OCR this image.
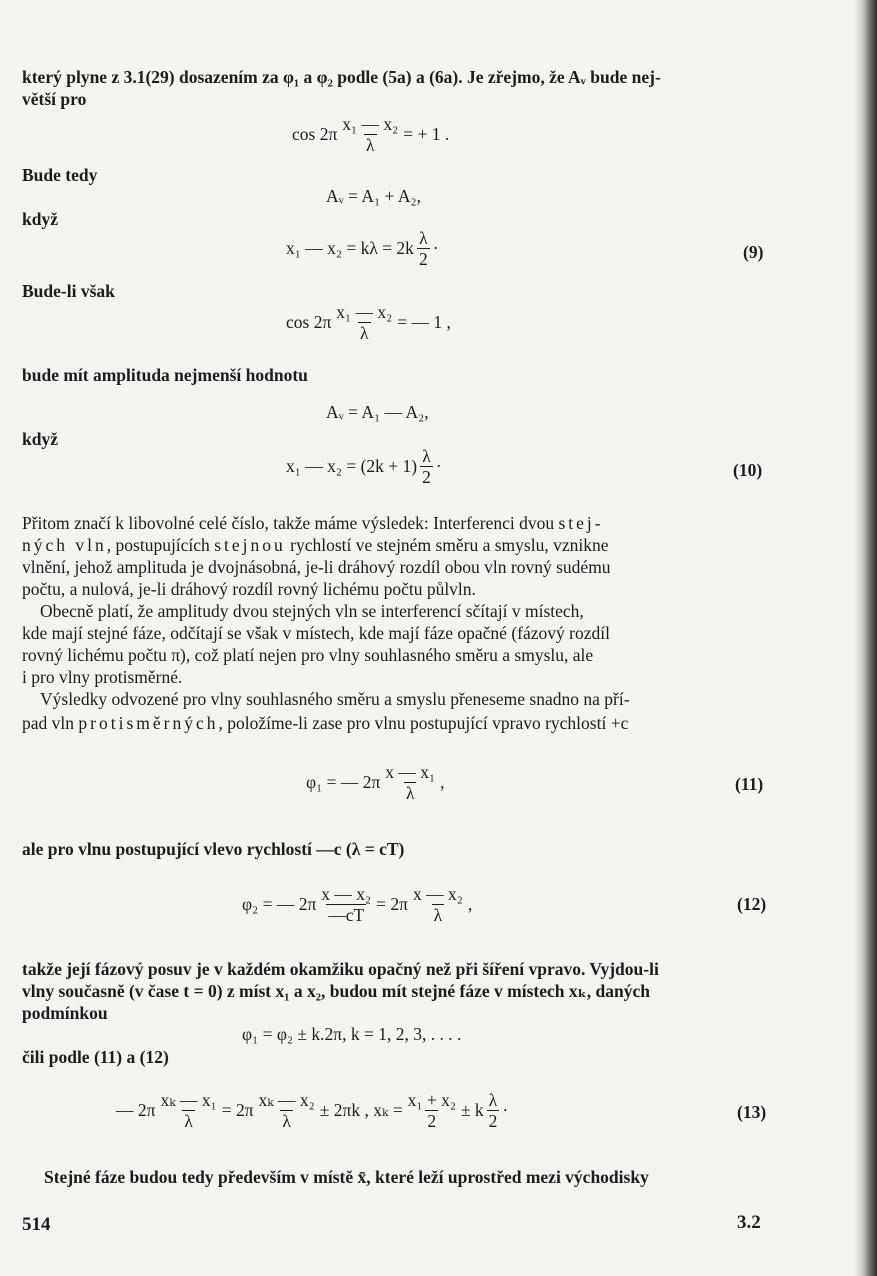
který plyne z 3.1(29) dosazením za φ₁ a φ₂ podle (5a) a (6a). Je zřejmo, že Aᵥ bude nej-
větší pro
$\cos 2\pi \frac{\text{x₁ — x₂}}{\lambda}$ = + 1 .
Bude tedy
Aᵥ = A₁ + A₂,
když
x₁ — $x_2 = k\lambda = 2k \frac{\lambda}{2}$ ·	(9)
Bude-li však
$\cos 2\pi \frac{\text{x₁ — x₂}}{\lambda}$ = — 1 ,
bude mít amplituda nejmenší hodnotu
Aᵥ = A₁ — A₂,
když
x₁ — $x_2 = (2k + 1) \frac{\lambda}{2}$ ·	(10)
Přitom značí k libovolné celé číslo, takže máme výsledek: Interferenci dvou stej-
ných vln, postupujících stejnou rychlostí ve stejném směru a smyslu, vznikne
vlnění, jehož amplituda je dvojnásobná, je-li dráhový rozdíl obou vln rovný sudému
počtu, a nulová, je-li dráhový rozdíl rovný lichému počtu půlvln.
Obecně platí, že amplitudy dvou stejných vln se interferencí sčítají v místech,
kde mají stejné fáze, odčítají se však v místech, kde mají fáze opačné (fázový rozdíl
rovný lichému počtu π), což platí nejen pro vlny souhlasného směru a smyslu, ale
i pro vlny protisměrné.
Výsledky odvozené pro vlny souhlasného směru a smyslu přeneseme snadno na pří-
pad vln protisměrných, položíme-li zase pro vlnu postupující vpravo rychlostí +c
φ₁ = — $2\pi \frac{\text{x — x₁}}{\lambda}$ ,	(11)
ale pro vlnu postupující vlevo rychlostí —c (λ = cT)
φ₂ = — $2\pi \frac{\text{x — x₂}}{—cT} = 2\pi \frac{\text{x — x₂}}{\lambda}$ ,	(12)
takže její fázový posuv je v každém okamžiku opačný než při šíření vpravo. Vyjdou-li
vlny současně (v čase t = 0) z míst x₁ a x₂, budou mít stejné fáze v místech xₖ, daných
podmínkou
φ₁ = φ₂ ± k.2π, k = 1, 2, 3, . . . .
čili podle (11) a (12)
— $2\pi \frac{\text{xₖ — x₁}}{\lambda} = 2\pi \frac{\text{xₖ — x₂}}{\lambda} \pm 2\pi k$ , $x_k = \frac{\text{x₁ + x₂}}{2} \pm k \frac{\lambda}{2}$ ·	(13)
Stejné fáze budou tedy především v místě x̄, které leží uprostřed mezi východisky
514	3.2
